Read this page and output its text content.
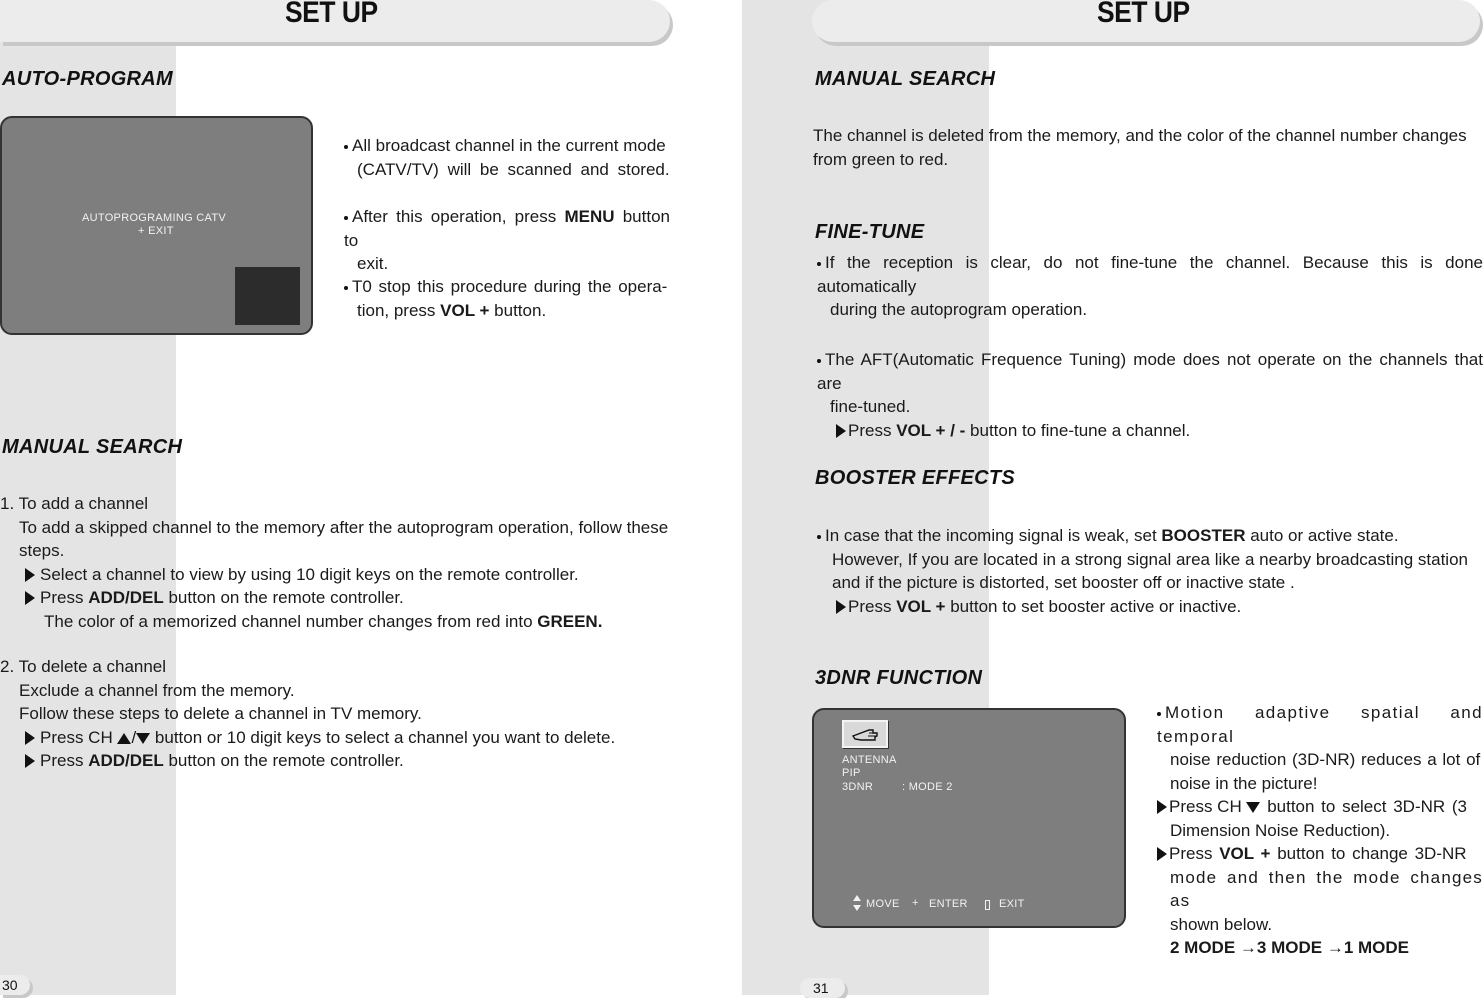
SET UP
AUTO-PROGRAM
AUTOPROGRAMING CATV
+ EXIT
All broadcast channel in the current mode
(CATV/TV) will be scanned and stored.
After this operation, press MENU button to
exit.
T0 stop this procedure during the opera-
tion, press VOL + button.
MANUAL SEARCH
1. To add a channel
To add a skipped channel to the memory after the autoprogram operation, follow these
steps.
Select a channel to view by using 10 digit keys on the remote controller.
Press ADD/DEL button on the remote controller.
The color of a memorized channel number changes from red into GREEN.
2. To delete a channel
Exclude a channel from the memory.
Follow these steps to delete a channel in TV memory.
Press CH / button or 10 digit keys to select a channel you want to delete.
Press ADD/DEL button on the remote controller.
30
SET UP
MANUAL SEARCH
The channel is deleted from the memory, and the color of the channel number changes
from green to red.
FINE-TUNE
If the reception is clear, do not fine-tune the channel. Because this is done automatically
during the autoprogram operation.
The AFT(Automatic Frequence Tuning) mode does not operate on the channels that are
fine-tuned.
Press VOL + / - button to fine-tune a channel.
BOOSTER EFFECTS
In case that the incoming signal is weak, set BOOSTER auto or active state.
However, If you are located in a strong signal area like a nearby broadcasting station
and if the picture is distorted, set booster off or inactive state .
Press VOL + button to set booster active or inactive.
3DNR FUNCTION
ANTENNA
PIP
3DNR	: MODE 2
MOVE + ENTER	EXIT
Motion adaptive spatial and temporal
noise reduction (3D-NR) reduces a lot of
noise in the picture!
Press CH  button to select 3D-NR (3
Dimension Noise Reduction).
Press VOL + button to change 3D-NR
mode and then the mode changes as
shown below.
2 MODE →3 MODE →1 MODE
31
